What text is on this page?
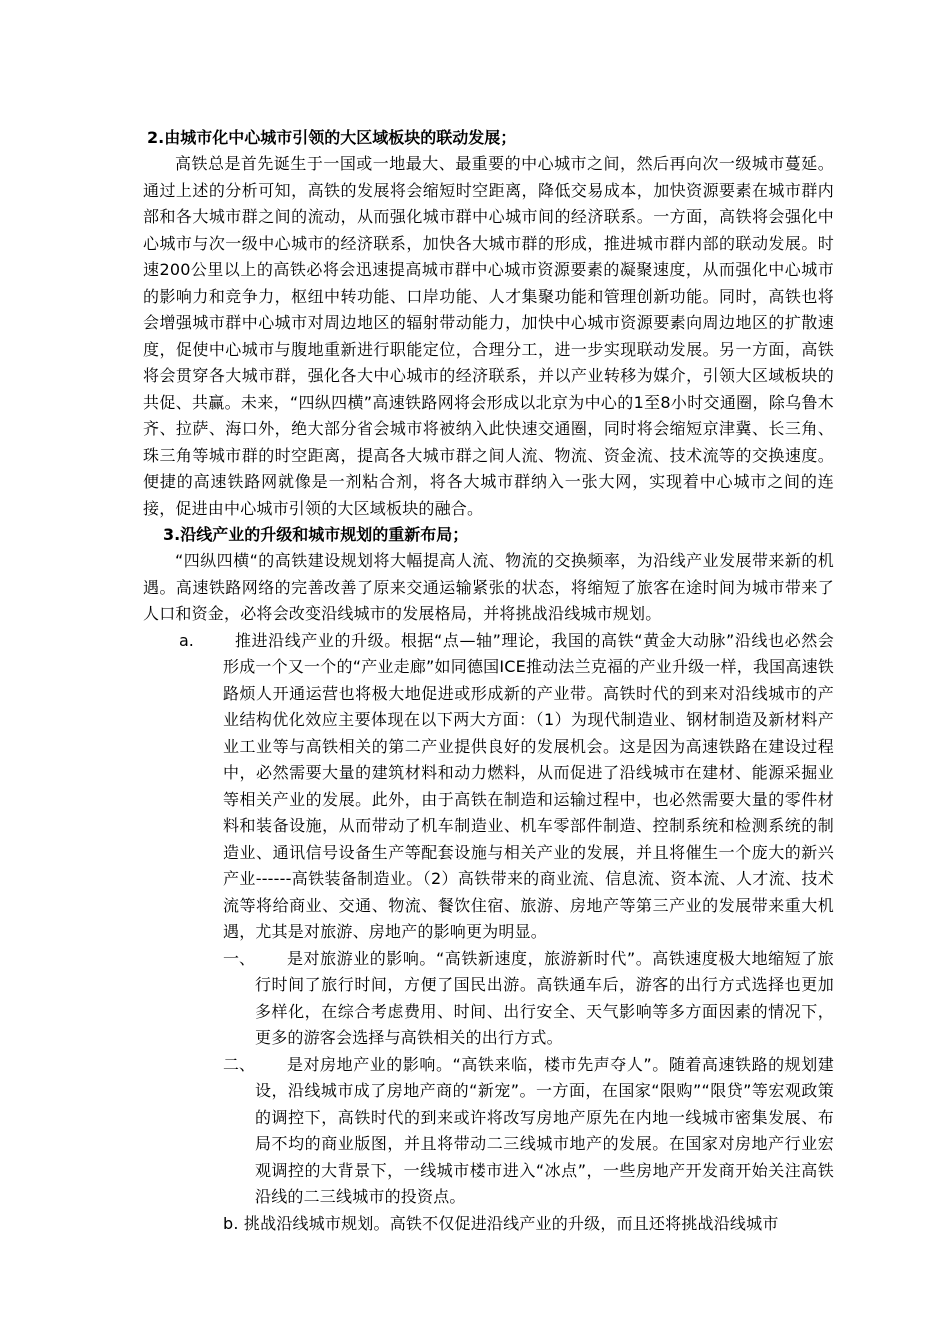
2.由城市化中心城市引领的大区域板块的联动发展；

高铁总是首先诞生于一国或一地最大、最重要的中心城市之间，然后再向次一级城市蔓延。通过上述的分析可知，高铁的发展将会缩短时空距离，降低交易成本，加快资源要素在城市群内部和各大城市群之间的流动，从而强化城市群中心城市间的经济联系。一方面，高铁将会强化中心城市与次一级中心城市的经济联系，加快各大城市群的形成，推进城市群内部的联动发展。时速200公里以上的高铁必将会迅速提高城市群中心城市资源要素的凝聚速度，从而强化中心城市的影响力和竞争力，枢纽中转功能、口岸功能、人才集聚功能和管理创新功能。同时，高铁也将会增强城市群中心城市对周边地区的辐射带动能力，加快中心城市资源要素向周边地区的扩散速度，促使中心城市与腹地重新进行职能定位，合理分工，进一步实现联动发展。另一方面，高铁将会贯穿各大城市群，强化各大中心城市的经济联系，并以产业转移为媒介，引领大区域板块的共促、共赢。未来，“四纵四横”高速铁路网将会形成以北京为中心的1至8小时交通圈，除乌鲁木齐、拉萨、海口外，绝大部分省会城市将被纳入此快速交通圈，同时将会缩短京津冀、长三角、珠三角等城市群的时空距离，提高各大城市群之间人流、物流、资金流、技术流等的交换速度。便捷的高速铁路网就像是一剂粘合剂，将各大城市群纳入一张大网，实现着中心城市之间的连接，促进由中心城市引领的大区域板块的融合。

3.沿线产业的升级和城市规划的重新布局；

“四纵四横“的高铁建设规划将大幅提高人流、物流的交换频率，为沿线产业发展带来新的机遇。高速铁路网络的完善改善了原来交通运输紧张的状态，将缩短了旅客在途时间为城市带来了人口和资金，必将会改变沿线城市的发展格局，并将挑战沿线城市规划。

a.	推进沿线产业的升级。根据“点—轴”理论，我国的高铁“黄金大动脉”沿线也必然会形成一个又一个的“产业走廊”如同德国ICE推动法兰克福的产业升级一样，我国高速铁路烦人开通运营也将极大地促进或形成新的产业带。高铁时代的到来对沿线城市的产业结构优化效应主要体现在以下两大方面：（1）为现代制造业、钢材制造及新材料产业工业等与高铁相关的第二产业提供良好的发展机会。这是因为高速铁路在建设过程中，必然需要大量的建筑材料和动力燃料，从而促进了沿线城市在建材、能源采掘业等相关产业的发展。此外，由于高铁在制造和运输过程中，也必然需要大量的零件材料和装备设施，从而带动了机车制造业、机车零部件制造、控制系统和检测系统的制造业、通讯信号设备生产等配套设施与相关产业的发展，并且将催生一个庞大的新兴产业------高铁装备制造业。（2）高铁带来的商业流、信息流、资本流、人才流、技术流等将给商业、交通、物流、餐饮住宿、旅游、房地产等第三产业的发展带来重大机遇，尤其是对旅游、房地产的影响更为明显。

一、	是对旅游业的影响。“高铁新速度，旅游新时代”。高铁速度极大地缩短了旅行时间了旅行时间，方便了国民出游。高铁通车后，游客的出行方式选择也更加多样化，在综合考虑费用、时间、出行安全、天气影响等多方面因素的情况下，更多的游客会选择与高铁相关的出行方式。

二、	是对房地产业的影响。“高铁来临，楼市先声夺人”。随着高速铁路的规划建设，沿线城市成了房地产商的“新宠”。一方面，在国家“限购”“限贷”等宏观政策的调控下，高铁时代的到来或许将改写房地产原先在内地一线城市密集发展、布局不均的商业版图，并且将带动二三线城市地产的发展。在国家对房地产行业宏观调控的大背景下，一线城市楼市进入“冰点”，一些房地产开发商开始关注高铁沿线的二三线城市的投资点。

b. 挑战沿线城市规划。高铁不仅促进沿线产业的升级，而且还将挑战沿线城市
